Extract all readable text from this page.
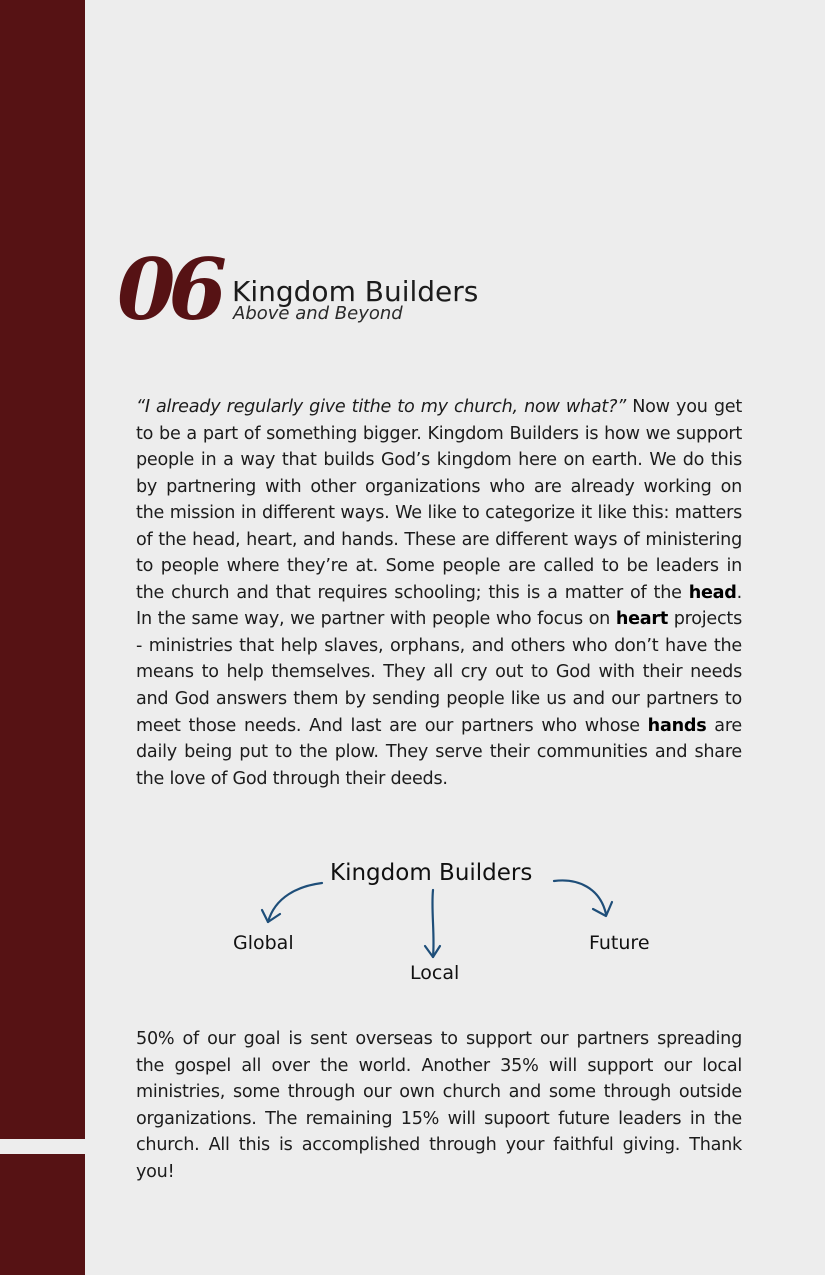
06 Kingdom Builders
Above and Beyond

“I already regularly give tithe to my church, now what?” Now you get to be a part of something bigger. Kingdom Builders is how we support people in a way that builds God’s kingdom here on earth. We do this by partnering with other organizations who are already working on the mission in different ways. We like to categorize it like this: matters of the head, heart, and hands. These are different ways of ministering to people where they’re at. Some people are called to be leaders in the church and that requires schooling; this is a matter of the head. In the same way, we partner with people who focus on heart projects - ministries that help slaves, orphans, and others who don’t have the means to help themselves. They all cry out to God with their needs and God answers them by sending people like us and our partners to meet those needs. And last are our partners who whose hands are daily being put to the plow. They serve their communities and share the love of God through their deeds.

Kingdom Builders
Global
Local
Future

50% of our goal is sent overseas to support our partners spreading the gospel all over the world. Another 35% will support our local ministries, some through our own church and some through outside organizations. The remaining 15% will supoort future leaders in the church. All this is accomplished through your faithful giving. Thank you!
